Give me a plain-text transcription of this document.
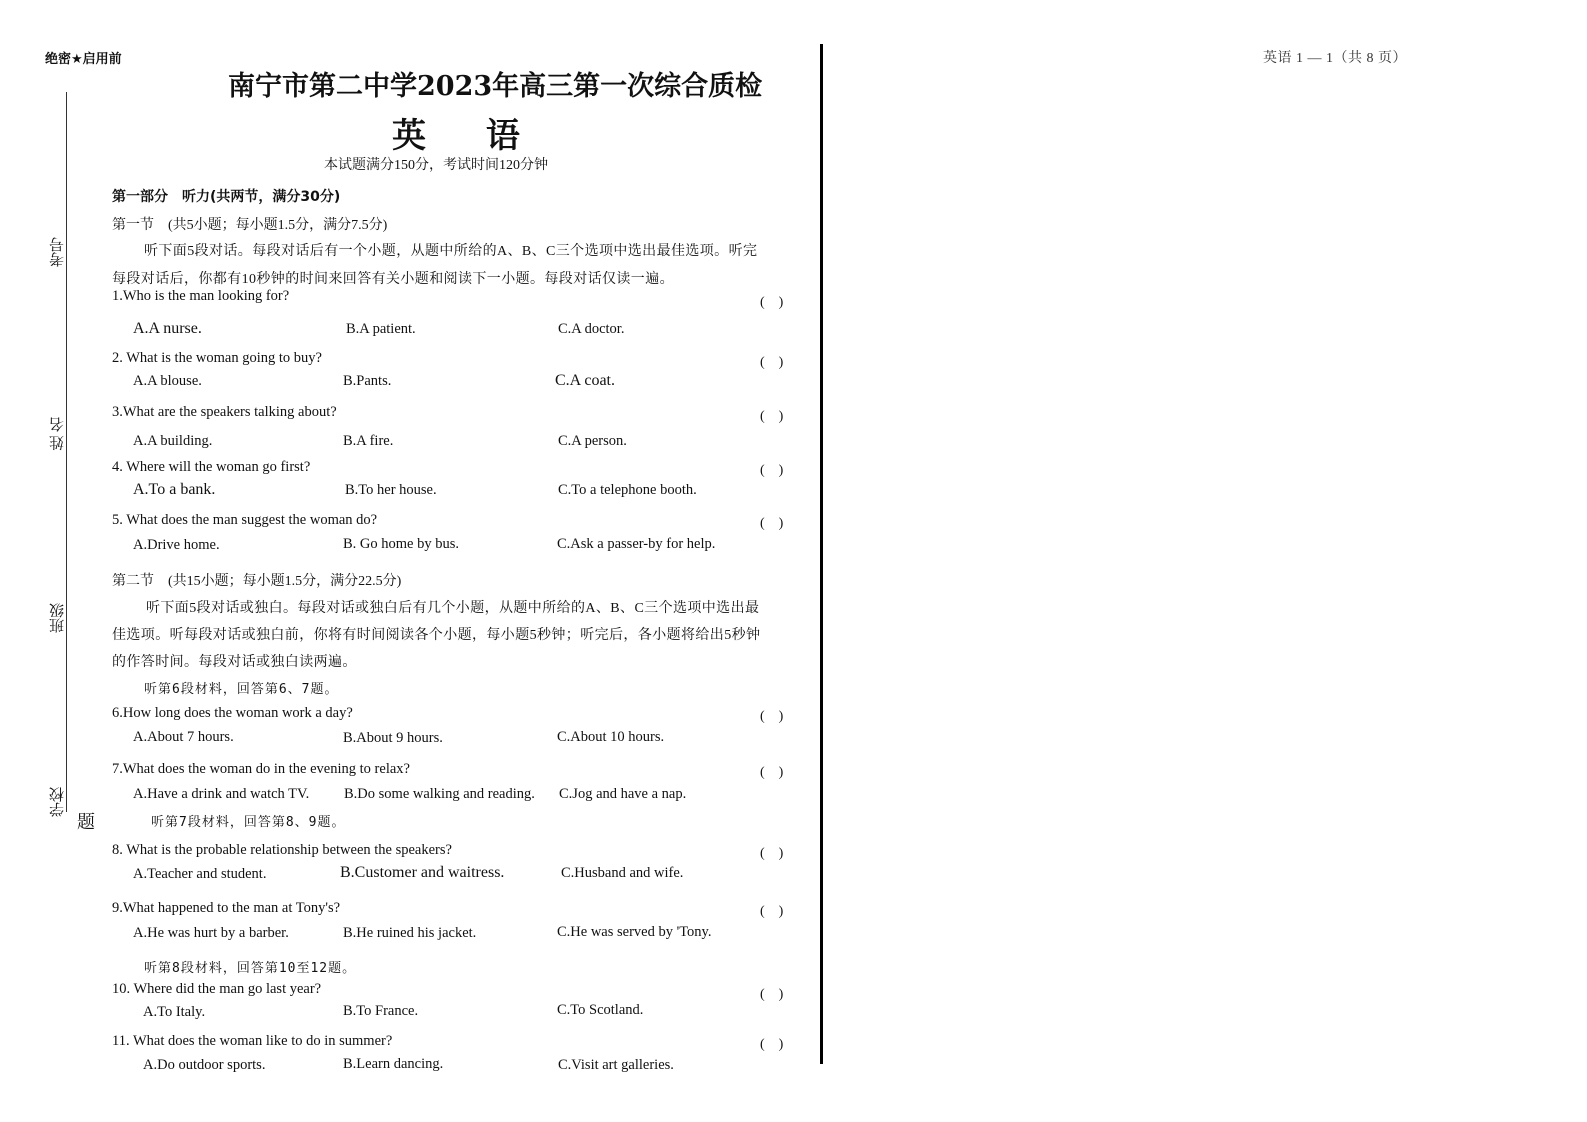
绝密★启用前	英语 1 — 1（共 8 页）
考号
姓 名
班级
学校
题
南宁市第二中学2023年高三第一次综合质检
英 语
本试题满分150分，考试时间120分钟
第一部分　听力(共两节，满分30分)
第一节　(共5小题；每小题1.5分，满分7.5分)
听下面5段对话。每段对话后有一个小题，从题中所给的A、B、C三个选项中选出最佳选项。听完
每段对话后，你都有10秒钟的时间来回答有关小题和阅读下一小题。每段对话仅读一遍。
1.Who is the man looking for?	(　)
A.A nurse.	B.A patient.	C.A doctor.
2. What is the woman going to buy?	(　)
A.A blouse.	B.Pants.	C.A coat.
3.What are the speakers talking about?	(　)
A.A building.	B.A fire.	C.A person.
4. Where will the woman go first?	(　)
A.To a bank.	B.To her house.	C.To a telephone booth.
5. What does the man suggest the woman do?	(　)
A.Drive home.	B. Go home by bus.	C.Ask a passer-by for help.
第二节　(共15小题；每小题1.5分，满分22.5分)
听下面5段对话或独白。每段对话或独白后有几个小题，从题中所给的A、B、C三个选项中选出最
佳选项。听每段对话或独白前，你将有时间阅读各个小题，每小题5秒钟；听完后，各小题将给出5秒钟
的作答时间。每段对话或独白读两遍。
听第6段材料，回答第6、7题。
6.How long does the woman work a day?	(　)
A.About 7 hours.	B.About 9 hours.	C.About 10 hours.
7.What does the woman do in the evening to relax?	(　)
A.Have a drink and watch TV. B.Do some walking and reading. C.Jog and have a nap.
听第7段材料，回答第8、9题。
8. What is the probable relationship between the speakers?	(　)
A.Teacher and student.	B.Customer and waitress.	C.Husband and wife.
9.What happened to the man at Tony's?	(　)
A.He was hurt by a barber.	B.He ruined his jacket.	C.He was served by 'Tony.
听第8段材料，回答第10至12题。
10. Where did the man go last year?	(　)
A.To Italy.	B.To France.	C.To Scotland.
11. What does the woman like to do in summer?	(　)
A.Do outdoor sports.	B.Learn dancing.	C.Visit art galleries.
